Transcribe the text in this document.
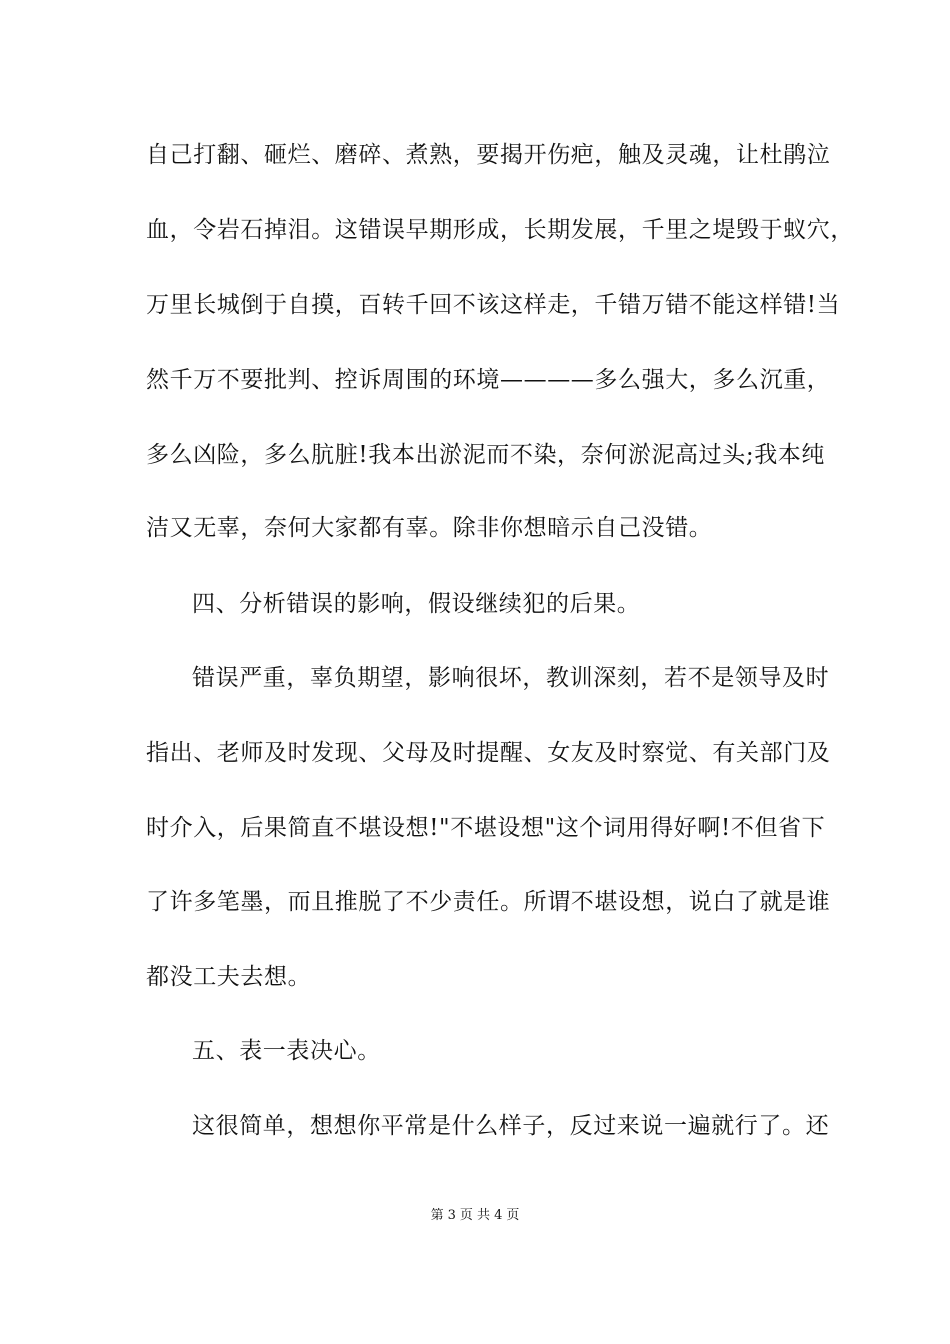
自己打翻、砸烂、磨碎、煮熟，要揭开伤疤，触及灵魂，让杜鹃泣
血，令岩石掉泪。这错误早期形成，长期发展，千里之堤毁于蚁穴，
万里长城倒于自摸，百转千回不该这样走，千错万错不能这样错!当
然千万不要批判、控诉周围的环境————多么强大，多么沉重，
多么凶险，多么肮脏!我本出淤泥而不染，奈何淤泥高过头;我本纯
洁又无辜，奈何大家都有辜。除非你想暗示自己没错。
四、分析错误的影响，假设继续犯的后果。
错误严重，辜负期望，影响很坏，教训深刻，若不是领导及时
指出、老师及时发现、父母及时提醒、女友及时察觉、有关部门及
时介入，后果简直不堪设想!"不堪设想"这个词用得好啊!不但省下
了许多笔墨，而且推脱了不少责任。所谓不堪设想，说白了就是谁
都没工夫去想。
五、表一表决心。
这很简单，想想你平常是什么样子，反过来说一遍就行了。还
第 3 页 共 4 页
